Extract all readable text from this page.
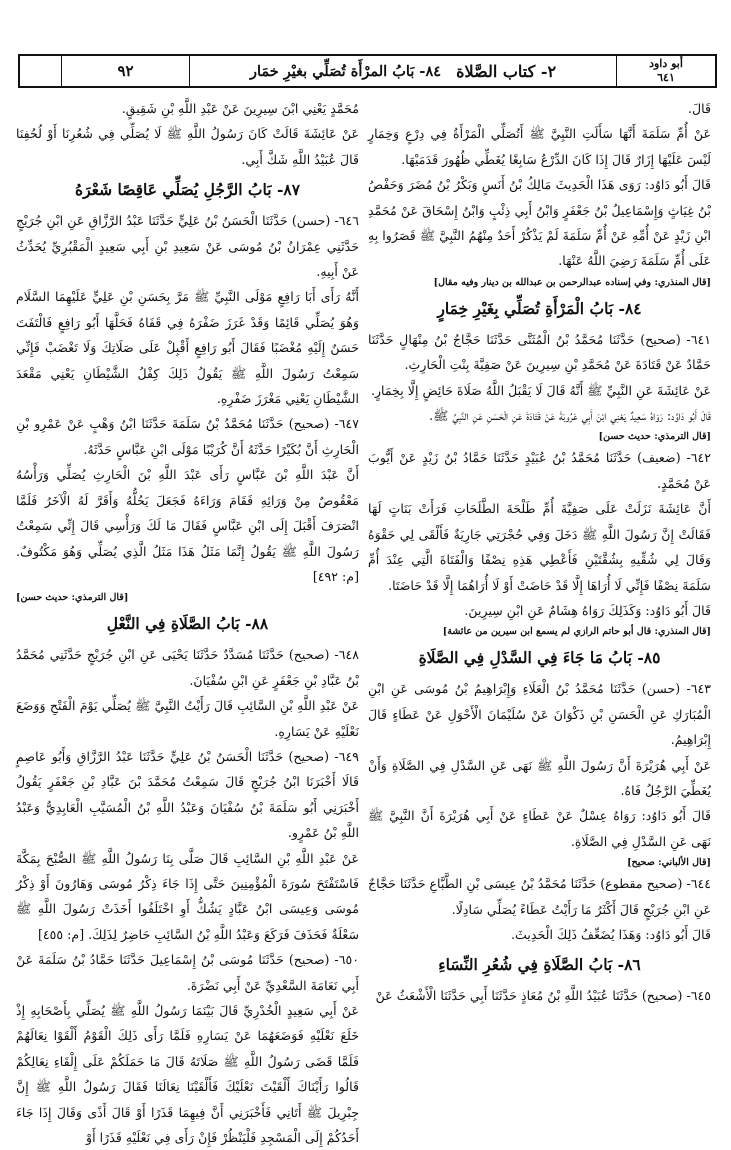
٩٢	٢- كتاب الصَّلاة

٨٤- بَابُ المرْأَة تُصَلِّي بغيْرِ خمَار	أبو داود
٦٤١
قَالَ.
عَنْ أُمِّ سَلَمَةَ أَنَّهَا سَأَلَتِ النَّبِيَّ ﷺ أَتُصَلِّي الْمَرْأَةُ فِي دِرْعٍ وَخِمَارٍ لَيْسَ عَلَيْهَا إِزَارٌ قَالَ إِذَا كَانَ الدِّرْعُ سَابِغًا يُغَطِّي ظُهُورَ قَدَمَيْهَا.
قَالَ أَبُو دَاوُد: رَوَى هَذَا الْحَدِيثَ مَالِكُ بْنُ أَنَسٍ وَبَكْرُ بْنُ مُضَرَ وَحَفْصُ بْنُ غِيَاثٍ وَإِسْمَاعِيلُ بْنُ جَعْفَرٍ وَابْنُ أَبِي ذِئْبٍ وَابْنُ إِسْحَاقَ عَنْ مُحَمَّدِ ابْنِ زَيْدٍ عَنْ أُمِّهِ عَنْ أُمِّ سَلَمَةَ لَمْ يَذْكُرْ أَحَدٌ مِنْهُمُ النَّبِيَّ ﷺ قَصَرُوا بِهِ عَلَى أُمِّ سَلَمَةَ رَضِيَ اللَّهُ عَنْهَا.
[قال المنذري: وفي إسناده عبدالرحمن بن عبدالله بن دينار وفيه مقال]
٨٤- بَابُ الْمَرْأَةِ تُصَلِّي بِغَيْرِ خِمَارٍ
٦٤١- (صحيح) حَدَّثَنَا مُحَمَّدُ بْنُ الْمُثَنَّى حَدَّثَنَا حَجَّاجُ بْنُ مِنْهَالٍ حَدَّثَنَا حَمَّادٌ عَنْ قَتَادَةَ عَنْ مُحَمَّدِ بْنِ سِيرِينَ عَنْ صَفِيَّةَ بِنْتِ الْحَارِثِ.
عَنْ عَائِشَةَ عَنِ النَّبِيِّ ﷺ أَنَّهُ قَالَ لَا يَقْبَلُ اللَّهُ صَلَاةَ حَائِضٍ إِلَّا بِخِمَارٍ.
قَالَ أَبُو دَاوُد: رَوَاهُ سَعِيدٌ يَعْنِي ابْنَ أَبِي عَرُوبَةَ عَنْ قَتَادَةَ عَنِ الْحَسَنِ عَنِ النَّبِيِّ ﷺ.
[قال الترمذي: حديث حسن]
٦٤٢- (ضعيف) حَدَّثَنَا مُحَمَّدُ بْنُ عُبَيْدٍ حَدَّثَنَا حَمَّادُ بْنُ زَيْدٍ عَنْ أَيُّوبَ عَنْ مُحَمَّدٍ.
أَنَّ عَائِشَةَ نَزَلَتْ عَلَى صَفِيَّةَ أُمِّ طَلْحَةَ الطَّلَحَاتِ فَرَأَتْ بَنَاتٍ لَهَا فَقَالَتْ إِنَّ رَسُولَ اللَّهِ ﷺ دَخَلَ وَفِي حُجْرَتِي جَارِيَةٌ فَأَلْقَى لِي حَقْوَهُ وَقَالَ لِي شُقِّيهِ بِشُقَّتَيْنِ فَأَعْطِي هَذِهِ نِصْفًا وَالْفَتَاةَ الَّتِي عِنْدَ أُمِّ سَلَمَةَ نِصْفًا فَإِنِّي لَا أُرَاهَا إِلَّا قَدْ حَاضَتْ أَوْ لَا أُرَاهُمَا إِلَّا قَدْ حَاضَتَا.
قَالَ أَبُو دَاوُد: وَكَذَلِكَ رَوَاهُ هِشَامٌ عَنِ ابْنِ سِيرِينَ.
[قال المنذري: قال أبو حاتم الرازي لم يسمع ابن سيرين من عائشة]
٨٥- بَابُ مَا جَاءَ فِي السَّدْلِ فِي الصَّلَاةِ
٦٤٣- (حسن) حَدَّثَنَا مُحَمَّدُ بْنُ الْعَلَاءِ وَإِبْرَاهِيمُ بْنُ مُوسَى عَنِ ابْنِ الْمُبَارَكِ عَنِ الْحَسَنِ بْنِ ذَكْوَانَ عَنْ سُلَيْمَانَ الْأَحْوَلِ عَنْ عَطَاءٍ قَالَ إِبْرَاهِيمُ.
عَنْ أَبِي هُرَيْرَةَ أَنَّ رَسُولَ اللَّهِ ﷺ نَهَى عَنِ السَّدْلِ فِي الصَّلَاةِ وَأَنْ يُغَطِّيَ الرَّجُلُ فَاهُ.
قَالَ أَبُو دَاوُد: رَوَاهُ عِسْلٌ عَنْ عَطَاءٍ عَنْ أَبِي هُرَيْرَةَ أَنَّ النَّبِيَّ ﷺ نَهَى عَنِ السَّدْلِ فِي الصَّلَاةِ.
[قال الألباني: صحيح]
٦٤٤- (صحيح مقطوع) حَدَّثَنَا مُحَمَّدُ بْنُ عِيسَى بْنِ الطَّبَّاعِ حَدَّثَنَا حَجَّاجٌ عَنِ ابْنِ جُرَيْجٍ قَالَ أَكْثَرُ مَا رَأَيْتُ عَطَاءً يُصَلِّي سَادِلًا.
قَالَ أَبُو دَاوُد: وَهَذَا يُضَعِّفُ ذَلِكَ الْحَدِيثَ.
٨٦- بَابُ الصَّلَاةِ فِي شُعُرِ النِّسَاءِ
٦٤٥- (صحيح) حَدَّثَنَا عُبَيْدُ اللَّهِ بْنُ مُعَاذٍ حَدَّثَنَا أَبِي حَدَّثَنَا الْأَشْعَثُ عَنْ
مُحَمَّدٍ يَعْنِي ابْنَ سِيرِينَ عَنْ عَبْدِ اللَّهِ بْنِ شَقِيقٍ.
عَنْ عَائِشَةَ قَالَتْ كَانَ رَسُولُ اللَّهِ ﷺ لَا يُصَلِّي فِي شُعُرِنَا أَوْ لُحُفِنَا قَالَ عُبَيْدُ اللَّهِ شَكَّ أَبِي.
٨٧- بَابُ الرَّجُلِ يُصَلِّي عَاقِصًا شَعْرَهُ
٦٤٦- (حسن) حَدَّثَنَا الْحَسَنُ بْنُ عَلِيٍّ حَدَّثَنَا عَبْدُ الرَّزَّاقِ عَنِ ابْنِ جُرَيْجٍ حَدَّثَنِي عِمْرَانُ بْنُ مُوسَى عَنْ سَعِيدِ بْنِ أَبِي سَعِيدٍ الْمَقْبُرِيِّ يُحَدِّثُ عَنْ أَبِيهِ.
أَنَّهُ رَأَى أَبَا رَافِعٍ مَوْلَى النَّبِيِّ ﷺ مَرَّ بِحَسَنِ بْنِ عَلِيٍّ عَلَيْهِمَا السَّلَام وَهُوَ يُصَلِّي قَائِمًا وَقَدْ غَرَزَ ضَفْرَهُ فِي قَفَاهُ فَحَلَّهَا أَبُو رَافِعٍ فَالْتَفَتَ حَسَنٌ إِلَيْهِ مُغْضَبًا فَقَالَ أَبُو رَافِعٍ أَقْبِلْ عَلَى صَلَاتِكَ وَلَا تَغْضَبْ فَإِنِّي سَمِعْتُ رَسُولَ اللَّهِ ﷺ يَقُولُ ذَلِكَ كِفْلُ الشَّيْطَانِ يَعْنِي مَقْعَدَ الشَّيْطَانِ يَعْنِي مَغْرَزَ ضَفْرِهِ.
٦٤٧- (صحيح) حَدَّثَنَا مُحَمَّدُ بْنُ سَلَمَةَ حَدَّثَنَا ابْنُ وَهْبٍ عَنْ عَمْرِو بْنِ الْحَارِثِ أَنَّ بُكَيْرًا حَدَّثَهُ أَنَّ كُرَيْبًا مَوْلَى ابْنِ عَبَّاسٍ حَدَّثَهُ.
أَنَّ عَبْدَ اللَّهِ بْنَ عَبَّاسٍ رَأَى عَبْدَ اللَّهِ بْنَ الْحَارِثِ يُصَلِّي وَرَأْسُهُ مَعْقُوصٌ مِنْ وَرَائِهِ فَقَامَ وَرَاءَهُ فَجَعَلَ يَحُلُّهُ وَأَقَرَّ لَهُ الْآخَرُ فَلَمَّا انْصَرَفَ أَقْبَلَ إِلَى ابْنِ عَبَّاسٍ فَقَالَ مَا لَكَ وَرَأْسِي قَالَ إِنِّي سَمِعْتُ رَسُولَ اللَّهِ ﷺ يَقُولُ إِنَّمَا مَثَلُ هَذَا مَثَلُ الَّذِي يُصَلِّي وَهُوَ مَكْتُوفٌ. [م: ٤٩٢]
[قال الترمذي: حديث حسن]
٨٨- بَابُ الصَّلَاةِ فِي النَّعْلِ
٦٤٨- (صحيح) حَدَّثَنَا مُسَدَّدٌ حَدَّثَنَا يَحْيَى عَنِ ابْنِ جُرَيْجٍ حَدَّثَنِي مُحَمَّدُ بْنُ عَبَّادِ بْنِ جَعْفَرٍ عَنِ ابْنِ سُفْيَانَ.
عَنْ عَبْدِ اللَّهِ بْنِ السَّائِبِ قَالَ رَأَيْتُ النَّبِيَّ ﷺ يُصَلِّي يَوْمَ الْفَتْحِ وَوَضَعَ نَعْلَيْهِ عَنْ يَسَارِهِ.
٦٤٩- (صحيح) حَدَّثَنَا الْحَسَنُ بْنُ عَلِيٍّ حَدَّثَنَا عَبْدُ الرَّزَّاقِ وَأَبُو عَاصِمٍ قَالَا أَخْبَرَنَا ابْنُ جُرَيْجٍ قَالَ سَمِعْتُ مُحَمَّدَ بْنَ عَبَّادِ بْنِ جَعْفَرٍ يَقُولُ أَخْبَرَنِي أَبُو سَلَمَةَ بْنُ سُفْيَانَ وَعَبْدُ اللَّهِ بْنُ الْمُسَيَّبِ الْعَابِدِيُّ وَعَبْدُ اللَّهِ بْنُ عَمْرٍو.
عَنْ عَبْدِ اللَّهِ بْنِ السَّائِبِ قَالَ صَلَّى بِنَا رَسُولُ اللَّهِ ﷺ الصُّبْحَ بِمَكَّةَ فَاسْتَفْتَحَ سُورَةَ الْمُؤْمِنِينَ حَتَّى إِذَا جَاءَ ذِكْرُ مُوسَى وَهَارُونَ أَوْ ذِكْرُ مُوسَى وَعِيسَى ابْنُ عَبَّادٍ يَشُكُّ أَوِ اخْتَلَفُوا أَخَذَتْ رَسُولَ اللَّهِ ﷺ سَعْلَةٌ فَحَذَفَ فَرَكَعَ وَعَبْدُ اللَّهِ بْنُ السَّائِبِ حَاضِرٌ لِذَلِكَ. [م: ٤٥٥]
٦٥٠- (صحيح) حَدَّثَنَا مُوسَى بْنُ إِسْمَاعِيلَ حَدَّثَنَا حَمَّادُ بْنُ سَلَمَةَ عَنْ أَبِي نَعَامَةَ السَّعْدِيِّ عَنْ أَبِي نَضْرَةَ.
عَنْ أَبِي سَعِيدٍ الْخُدْرِيِّ قَالَ بَيْنَمَا رَسُولُ اللَّهِ ﷺ يُصَلِّي بِأَصْحَابِهِ إِذْ خَلَعَ نَعْلَيْهِ فَوَضَعَهُمَا عَنْ يَسَارِهِ فَلَمَّا رَأَى ذَلِكَ الْقَوْمُ أَلْقَوْا نِعَالَهُمْ فَلَمَّا قَضَى رَسُولُ اللَّهِ ﷺ صَلَاتَهُ قَالَ مَا حَمَلَكُمْ عَلَى إِلْقَاءِ نِعَالِكُمْ قَالُوا رَأَيْنَاكَ أَلْقَيْتَ نَعْلَيْكَ فَأَلْقَيْنَا نِعَالَنَا فَقَالَ رَسُولُ اللَّهِ ﷺ إِنَّ جِبْرِيلَ ﷺ أَتَانِي فَأَخْبَرَنِي أَنَّ فِيهِمَا قَذَرًا أَوْ قَالَ أَذًى وَقَالَ إِذَا جَاءَ أَحَدُكُمْ إِلَى الْمَسْجِدِ فَلْيَنْظُرْ فَإِنْ رَأَى فِي نَعْلَيْهِ قَذَرًا أَوْ
